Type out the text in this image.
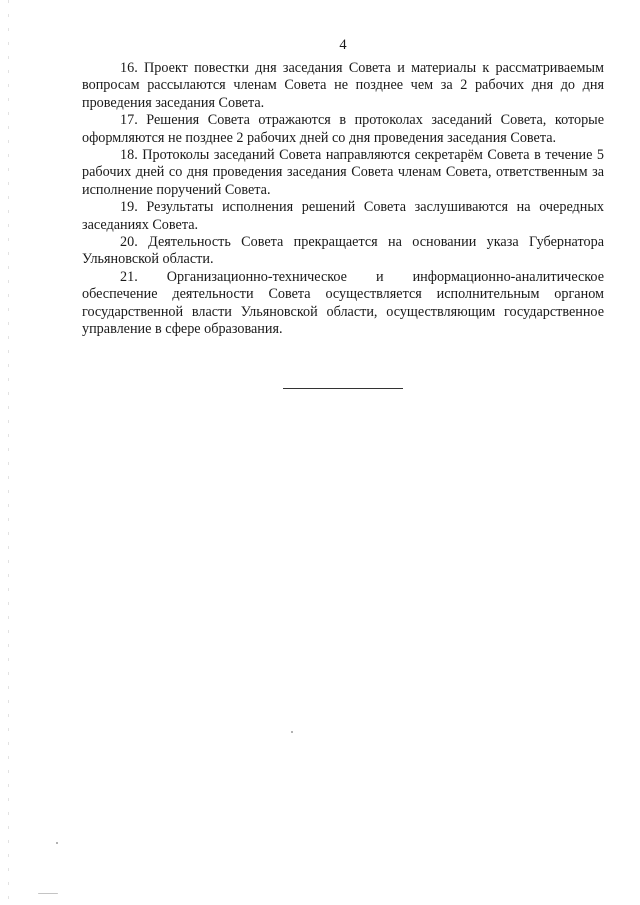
4

16. Проект повестки дня заседания Совета и материалы к рассматриваемым вопросам рассылаются членам Совета не позднее чем за 2 рабочих дня до дня проведения заседания Совета.

17. Решения Совета отражаются в протоколах заседаний Совета, которые оформляются не позднее 2 рабочих дней со дня проведения заседания Совета.

18. Протоколы заседаний Совета направляются секретарём Совета в течение 5 рабочих дней со дня проведения заседания Совета членам Совета, ответственным за исполнение поручений Совета.

19. Результаты исполнения решений Совета заслушиваются на очередных заседаниях Совета.

20. Деятельность Совета прекращается на основании указа Губернатора Ульяновской области.

21. Организационно-техническое и информационно-аналитическое обеспечение деятельности Совета осуществляется исполнительным органом государственной власти Ульяновской области, осуществляющим государственное управление в сфере образования.
